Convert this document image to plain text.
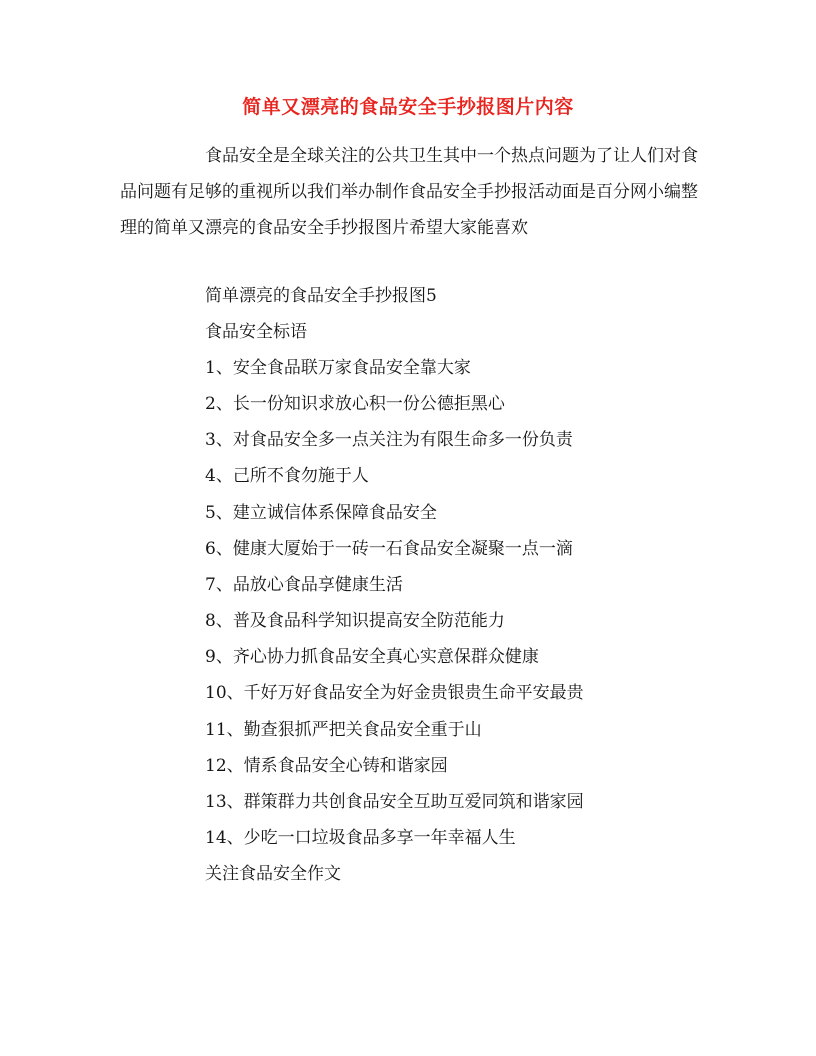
简单又漂亮的食品安全手抄报图片内容

食品安全是全球关注的公共卫生其中一个热点问题为了让人们对食品问题有足够的重视所以我们举办制作食品安全手抄报活动面是百分网小编整理的简单又漂亮的食品安全手抄报图片希望大家能喜欢

简单漂亮的食品安全手抄报图5

食品安全标语

1、安全食品联万家食品安全靠大家
2、长一份知识求放心积一份公德拒黑心
3、对食品安全多一点关注为有限生命多一份负责
4、己所不食勿施于人
5、建立诚信体系保障食品安全
6、健康大厦始于一砖一石食品安全凝聚一点一滴
7、品放心食品享健康生活
8、普及食品科学知识提高安全防范能力
9、齐心协力抓食品安全真心实意保群众健康
10、千好万好食品安全为好金贵银贵生命平安最贵
11、勤查狠抓严把关食品安全重于山
12、情系食品安全心铸和谐家园
13、群策群力共创食品安全互助互爱同筑和谐家园
14、少吃一口垃圾食品多享一年幸福人生

关注食品安全作文
